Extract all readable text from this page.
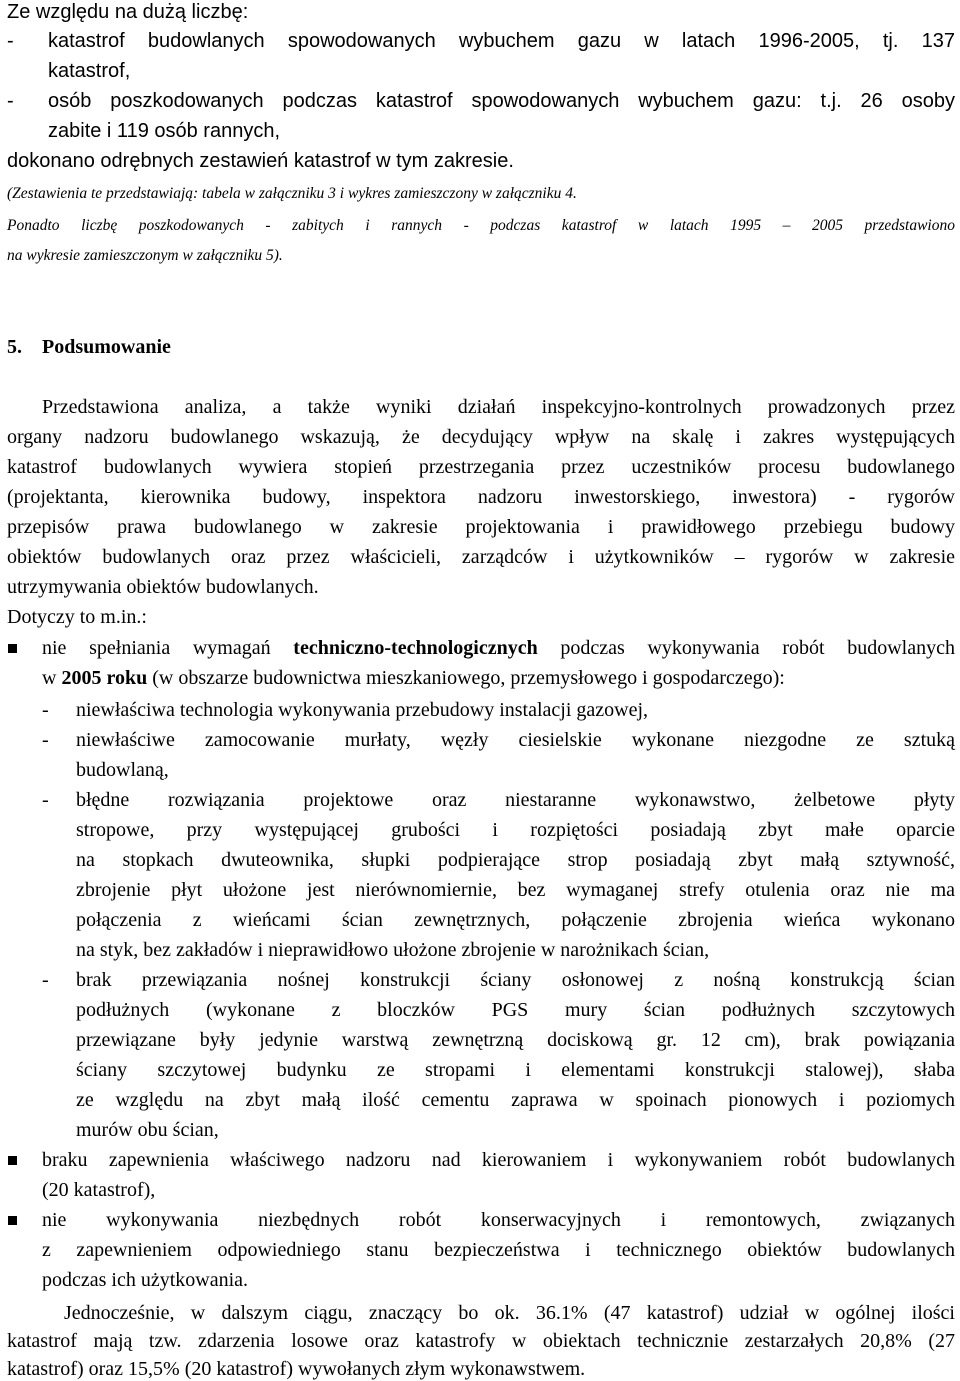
Ze względu na dużą liczbę:
- katastrof budowlanych spowodowanych wybuchem gazu w latach 1996-2005, tj. 137
katastrof,
- osób poszkodowanych podczas katastrof spowodowanych wybuchem gazu: t.j. 26 osoby
zabite i 119 osób rannych,
dokonano odrębnych zestawień katastrof w tym zakresie.
(Zestawienia te przedstawiają: tabela w załączniku 3 i wykres zamieszczony w załączniku 4.
Ponadto liczbę poszkodowanych - zabitych i rannych - podczas katastrof w latach 1995 – 2005 przedstawiono
na wykresie zamieszczonym w załączniku 5).
5. Podsumowanie
Przedstawiona analiza, a także wyniki działań inspekcyjno-kontrolnych prowadzonych przez
organy nadzoru budowlanego wskazują, że decydujący wpływ na skalę i zakres występujących
katastrof budowlanych wywiera stopień przestrzegania przez uczestników procesu budowlanego
(projektanta, kierownika budowy, inspektora nadzoru inwestorskiego, inwestora) - rygorów
przepisów prawa budowlanego w zakresie projektowania i prawidłowego przebiegu budowy
obiektów budowlanych oraz przez właścicieli, zarządców i użytkowników – rygorów w zakresie
utrzymywania obiektów budowlanych.
Dotyczy to m.in.:
nie spełniania wymagań techniczno-technologicznych podczas wykonywania robót budowlanych
w 2005 roku (w obszarze budownictwa mieszkaniowego, przemysłowego i gospodarczego):
- niewłaściwa technologia wykonywania przebudowy instalacji gazowej,
- niewłaściwe zamocowanie murłaty, węzły ciesielskie wykonane niezgodne ze sztuką
budowlaną,
- błędne rozwiązania projektowe oraz niestaranne wykonawstwo, żelbetowe płyty
stropowe, przy występującej grubości i rozpiętości posiadają zbyt małe oparcie
na stopkach dwuteownika, słupki podpierające strop posiadają zbyt małą sztywność,
zbrojenie płyt ułożone jest nierównomiernie, bez wymaganej strefy otulenia oraz nie ma
połączenia z wieńcami ścian zewnętrznych, połączenie zbrojenia wieńca wykonano
na styk, bez zakładów i nieprawidłowo ułożone zbrojenie w narożnikach ścian,
- brak przewiązania nośnej konstrukcji ściany osłonowej z nośną konstrukcją ścian
podłużnych (wykonane z bloczków PGS mury ścian podłużnych szczytowych
przewiązane były jedynie warstwą zewnętrzną dociskową gr. 12 cm), brak powiązania
ściany szczytowej budynku ze stropami i elementami konstrukcji stalowej), słaba
ze względu na zbyt małą ilość cementu zaprawa w spoinach pionowych i poziomych
murów obu ścian,
braku zapewnienia właściwego nadzoru nad kierowaniem i wykonywaniem robót budowlanych
(20 katastrof),
nie wykonywania niezbędnych robót konserwacyjnych i remontowych, związanych
z zapewnieniem odpowiedniego stanu bezpieczeństwa i technicznego obiektów budowlanych
podczas ich użytkowania.
Jednocześnie, w dalszym ciągu, znaczący bo ok. 36.1% (47 katastrof) udział w ogólnej ilości
katastrof mają tzw. zdarzenia losowe oraz katastrofy w obiektach technicznie zestarzałych 20,8% (27
katastrof) oraz 15,5% (20 katastrof) wywołanych złym wykonawstwem.
